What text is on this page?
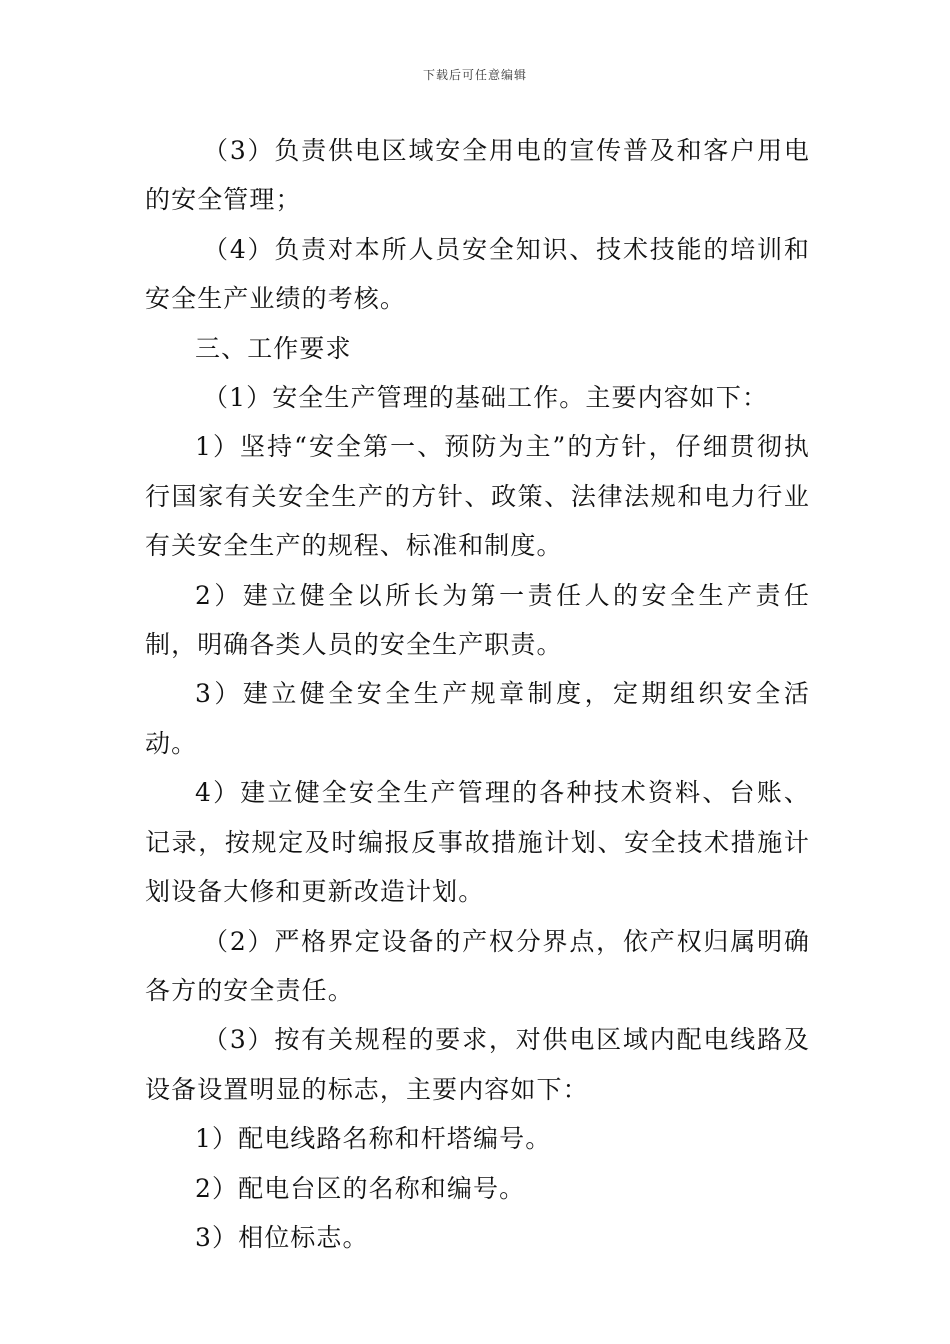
下载后可任意编辑

（3）负责供电区域安全用电的宣传普及和客户用电的安全管理；

（4）负责对本所人员安全知识、技术技能的培训和安全生产业绩的考核。

三、工作要求

（1）安全生产管理的基础工作。主要内容如下：

1）坚持“安全第一、预防为主”的方针，仔细贯彻执行国家有关安全生产的方针、政策、法律法规和电力行业有关安全生产的规程、标准和制度。

2）建立健全以所长为第一责任人的安全生产责任制，明确各类人员的安全生产职责。

3）建立健全安全生产规章制度，定期组织安全活动。

4）建立健全安全生产管理的各种技术资料、台账、记录，按规定及时编报反事故措施计划、安全技术措施计划设备大修和更新改造计划。

（2）严格界定设备的产权分界点，依产权归属明确各方的安全责任。

（3）按有关规程的要求，对供电区域内配电线路及设备设置明显的标志，主要内容如下：

1）配电线路名称和杆塔编号。

2）配电台区的名称和编号。

3）相位标志。
